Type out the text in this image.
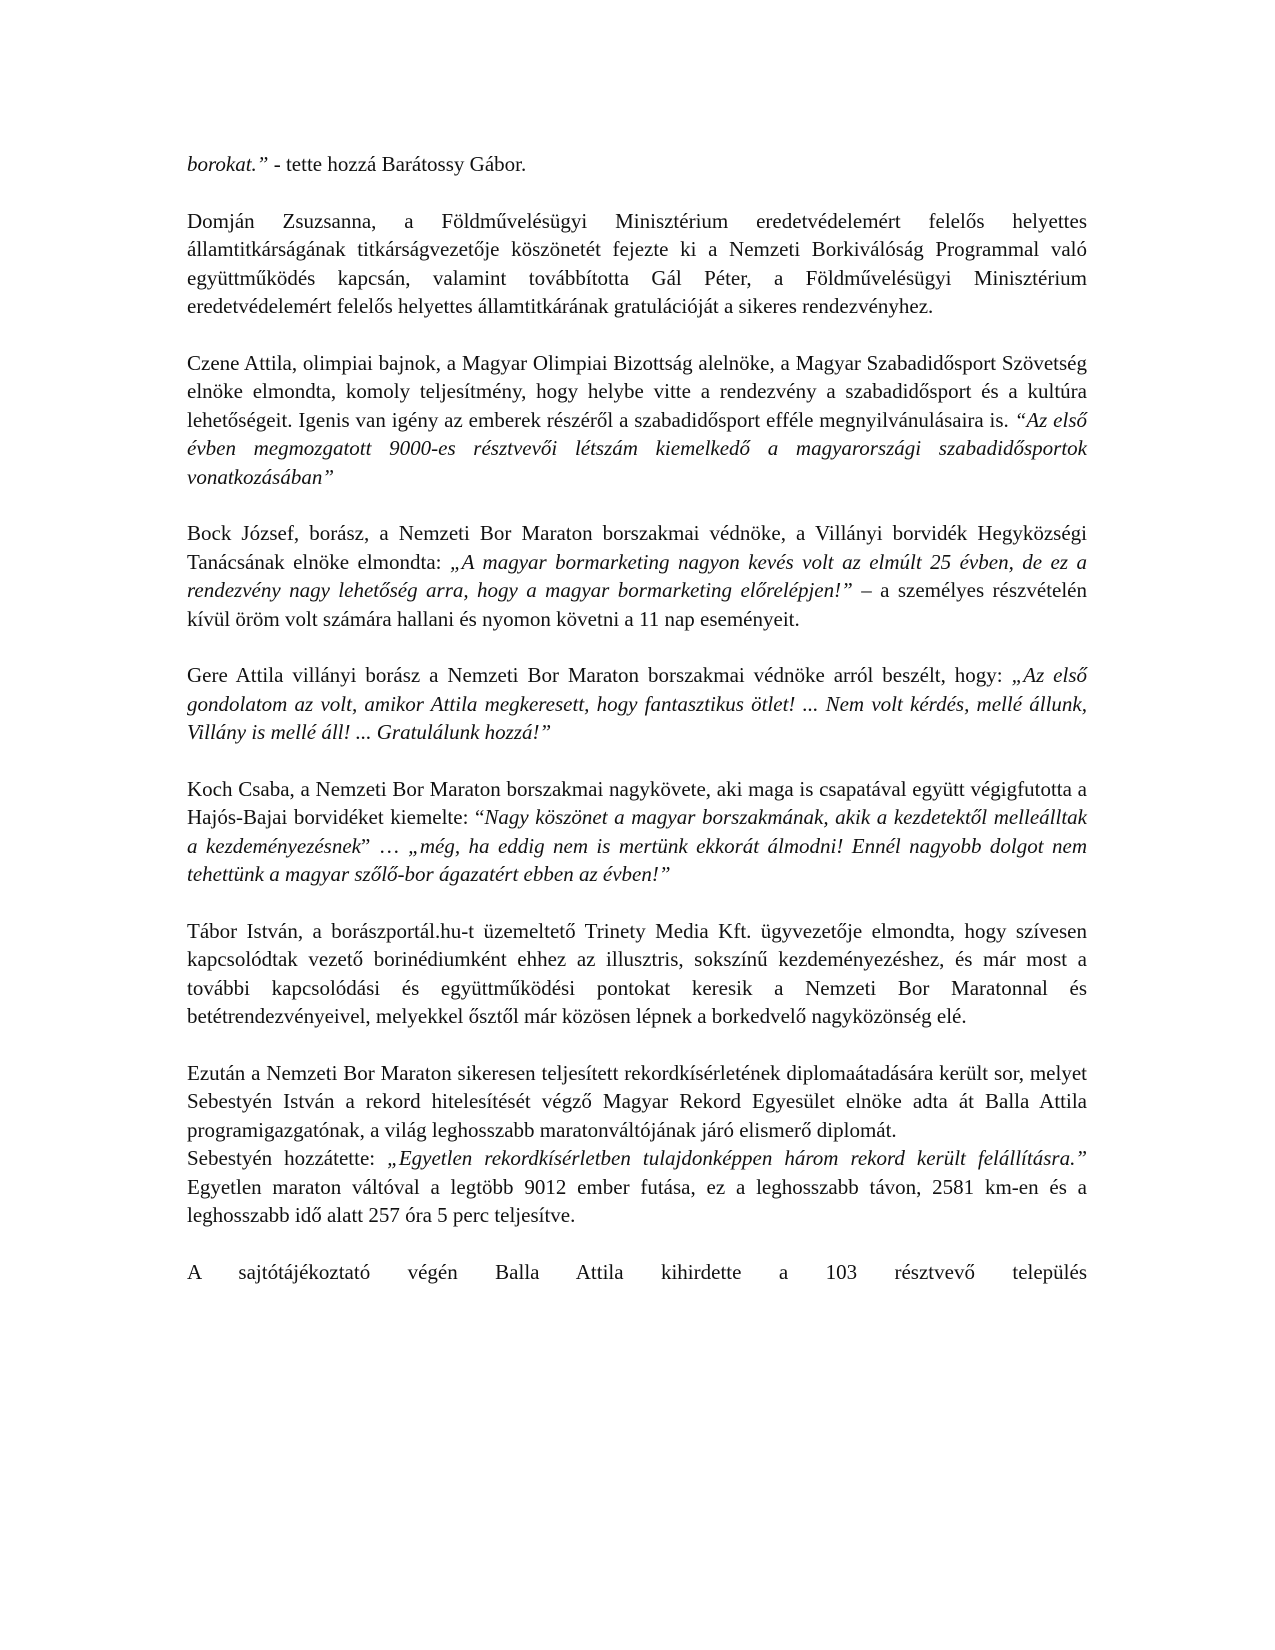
borokat.” - tette hozzá Barátossy Gábor.

Domján Zsuzsanna, a Földművelésügyi Minisztérium eredetvédelemért felelős helyettes államtitkárságának titkárságvezetője köszönetét fejezte ki a Nemzeti Borkiválóság Programmal való együttműködés kapcsán, valamint továbbította Gál Péter, a Földművelésügyi Minisztérium eredetvédelemért felelős helyettes államtitkárának gratulációját a sikeres rendezvényhez.

Czene Attila, olimpiai bajnok, a Magyar Olimpiai Bizottság alelnöke, a Magyar Szabadidősport Szövetség elnöke elmondta, komoly teljesítmény, hogy helybe vitte a rendezvény a szabadidősport és a kultúra lehetőségeit. Igenis van igény az emberek részéről a szabadidősport efféle megnyilvánulásaira is. “Az első évben megmozgatott 9000-es résztvevői létszám kiemelkedő a magyarországi szabadidősportok vonatkozásában”

Bock József, borász, a Nemzeti Bor Maraton borszakmai védnöke, a Villányi borvidék Hegyközségi Tanácsának elnöke elmondta: „A magyar bormarketing nagyon kevés volt az elmúlt 25 évben, de ez a rendezvény nagy lehetőség arra, hogy a magyar bormarketing előrelépjen!” – a személyes részvételén kívül öröm volt számára hallani és nyomon követni a 11 nap eseményeit.

Gere Attila villányi borász a Nemzeti Bor Maraton borszakmai védnöke arról beszélt, hogy: „Az első gondolatom az volt, amikor Attila megkeresett, hogy fantasztikus ötlet! ... Nem volt kérdés, mellé állunk, Villány is mellé áll! ... Gratulálunk hozzá!”

Koch Csaba, a Nemzeti Bor Maraton borszakmai nagykövete, aki maga is csapatával együtt végigfutotta a Hajós-Bajai borvidéket kiemelte: “Nagy köszönet a magyar borszakmának, akik a kezdetektől melleálltak a kezdeményezésnek” … „még, ha eddig nem is mertünk ekkorát álmodni! Ennél nagyobb dolgot nem tehettünk a magyar szőlő-bor ágazatért ebben az évben!”

Tábor István, a borászportál.hu-t üzemeltető Trinety Media Kft. ügyvezetője elmondta, hogy szívesen kapcsolódtak vezető borinédiumként ehhez az illusztris, sokszínű kezdeményezéshez, és már most a további kapcsolódási és együttműködési pontokat keresik a Nemzeti Bor Maratonnal és betétrendezvényeivel, melyekkel ősztől már közösen lépnek a borkedvelő nagyközönség elé.

Ezután a Nemzeti Bor Maraton sikeresen teljesített rekordkísérletének diplomaátadására került sor, melyet Sebestyén István a rekord hitelesítését végző Magyar Rekord Egyesület elnöke adta át Balla Attila programigazgatónak, a világ leghosszabb maratonváltójának járó elismerő diplomát.

Sebestyén hozzátette: „Egyetlen rekordkísérletben tulajdonképpen három rekord került felállításra.” Egyetlen maraton váltóval a legtöbb 9012 ember futása, ez a leghosszabb távon, 2581 km-en és a leghosszabb idő alatt 257 óra 5 perc teljesítve.

A sajtótájékoztató végén Balla Attila kihirdette a 103 résztvevő település
